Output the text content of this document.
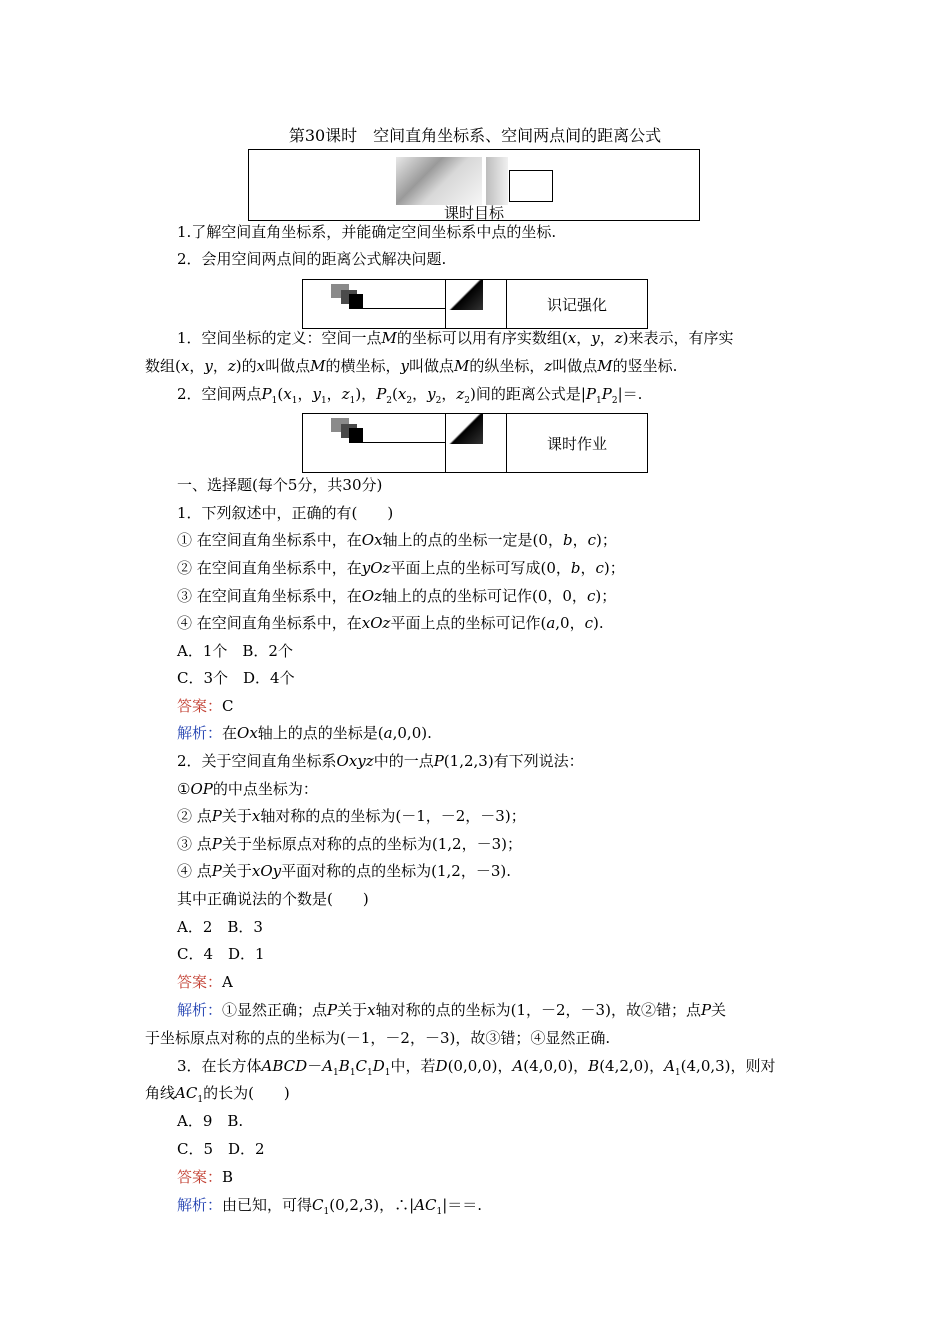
第30课时　空间直角坐标系、空间两点间的距离公式
课时目标
1.了解空间直角坐标系，并能确定空间坐标系中点的坐标.
2．会用空间两点间的距离公式解决问题.
识记强化
1．空间坐标的定义：空间一点M的坐标可以用有序实数组(x，y，z)来表示，有序实
数组(x，y，z)的x叫做点M的横坐标，y叫做点M的纵坐标，z叫做点M的竖坐标.
2．空间两点$P_1(x_1$，$y_1$，$z_1$)，$P_2(x_2$，$y_2$，$z_2$)间的距离公式是$|P_1P_2|=$.
课时作业
一、选择题(每个5分，共30分)
1．下列叙述中，正确的有(　　)
① 在空间直角坐标系中，在Ox轴上的点的坐标一定是(0，b，c)；
② 在空间直角坐标系中，在yOz平面上点的坐标可写成(0，b，c)；
③ 在空间直角坐标系中，在Oz轴上的点的坐标可记作(0，0，c)；
④ 在空间直角坐标系中，在xOz平面上点的坐标可记作(a,0，c).
A．1个　B．2个
C．3个　D．4个
答案：C
解析：在Ox轴上的点的坐标是(a,0,0).
2．关于空间直角坐标系Oxyz中的一点P(1,2,3)有下列说法：
①OP的中点坐标为：
② 点P关于x轴对称的点的坐标为(－1，－2，－3)；
③ 点P关于坐标原点对称的点的坐标为(1,2，－3)；
④ 点P关于xOy平面对称的点的坐标为(1,2，－3).
其中正确说法的个数是(　　)
A．2　B．3
C．4　D．1
答案：A
解析：①显然正确；点P关于x轴对称的点的坐标为(1，－2，－3)，故②错；点P关
于坐标原点对称的点的坐标为(－1，－2，－3)，故③错；④显然正确.
3．在长方体$ABCD-A_1B_1C_1D_1$中，若D(0,0,0)，A(4,0,0)，B(4,2,0)，$A_1(4,0,3)$，则对
角线$AC_1$的长为(　　)
A．9　B.
C．5　D．2
答案：B
解析：由已知，可得$C_1(0,2,3)$，$\therefore|AC_1|==$.
